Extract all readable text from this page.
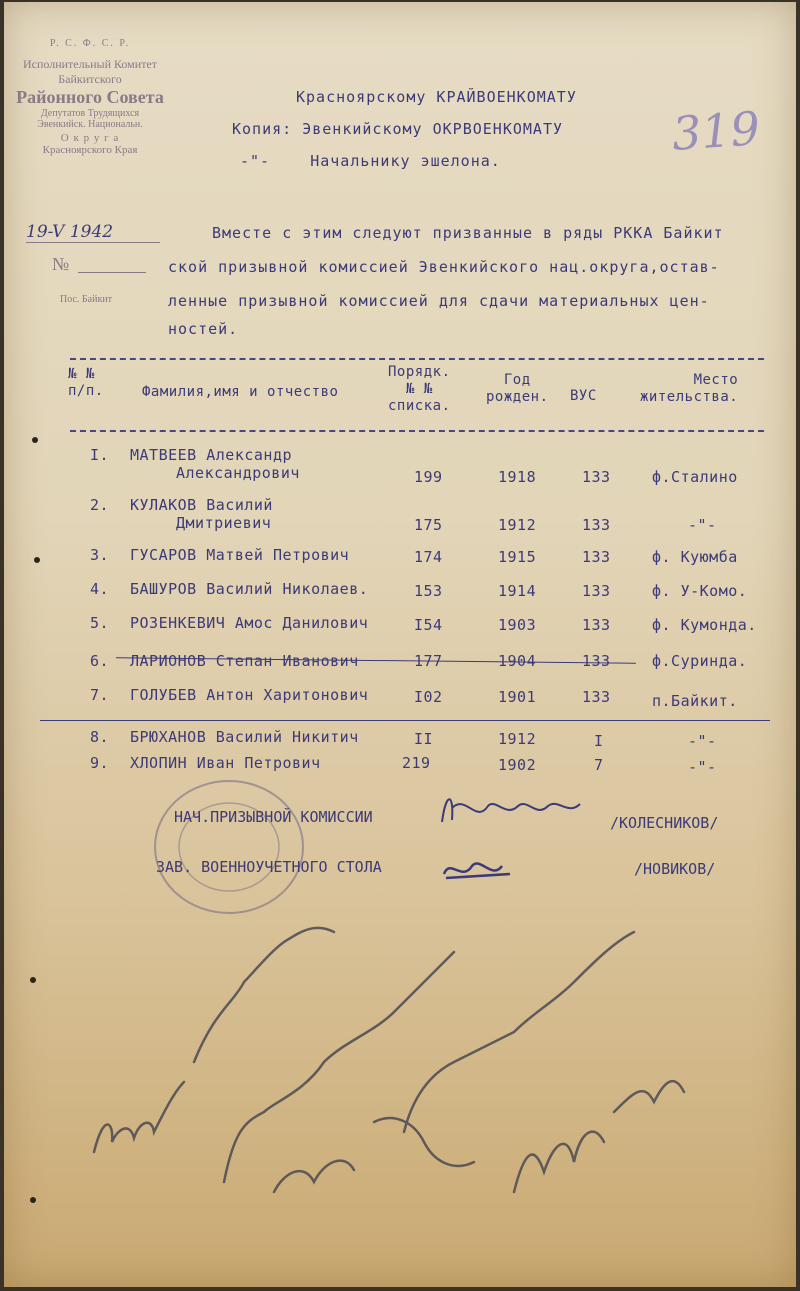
Р. С. Ф. С. Р.
Исполнительный Комитет
Байкитского
Районного Совета
Депутатов Трудящихся
Эвенкийск. Национальн.
О к р у г а
Красноярского Края
19-V 1942
№
Пос. Байкит
319
Красноярскому КРАЙВОЕНКОМАТУ
Копия: Эвенкийскому ОКРВОЕНКОМАТУ
-"-    Начальнику эшелона.
Вместе с этим следуют призванные в ряды РККА Байкит
ской призывной комиссией Эвенкийского нац.округа,остав-
ленные призывной комиссией для сдачи материальных цен-
ностей.
№ №
п/п.	Фамилия,имя и отчество
Порядк.
№ №
списка.
Год
рожден. ВУС
Место
жительства.
I. МАТВЕЕВ Александр
Александрович	199	1918	133	ф.Сталино
2. КУЛАКОВ Василий
Дмитриевич	175	1912	133	-"-
3. ГУСАРОВ Матвей Петрович	174	1915	133	ф. Куюмба
4. БАШУРОВ Василий Николаев.	153	1914	133	ф. У-Комо.
5. РОЗЕНКЕВИЧ Амос Данилович	I54	1903	133	ф. Кумонда.
6. ЛАРИОНОВ Степан Иванович	177	1904	133	ф.Суринда.
7. ГОЛУБЕВ Антон Харитонович	I02	1901	133	п.Байкит.
8. БРЮХАНОВ Василий Никитич	II	1912	I	-"-
9. ХЛОПИН Иван Петрович	219	1902	7	-"-
НАЧ.ПРИЗЫВНОЙ КОМИССИИ	/КОЛЕСНИКОВ/
ЗАВ. ВОЕННОУЧЕТНОГО СТОЛА	/НОВИКОВ/
